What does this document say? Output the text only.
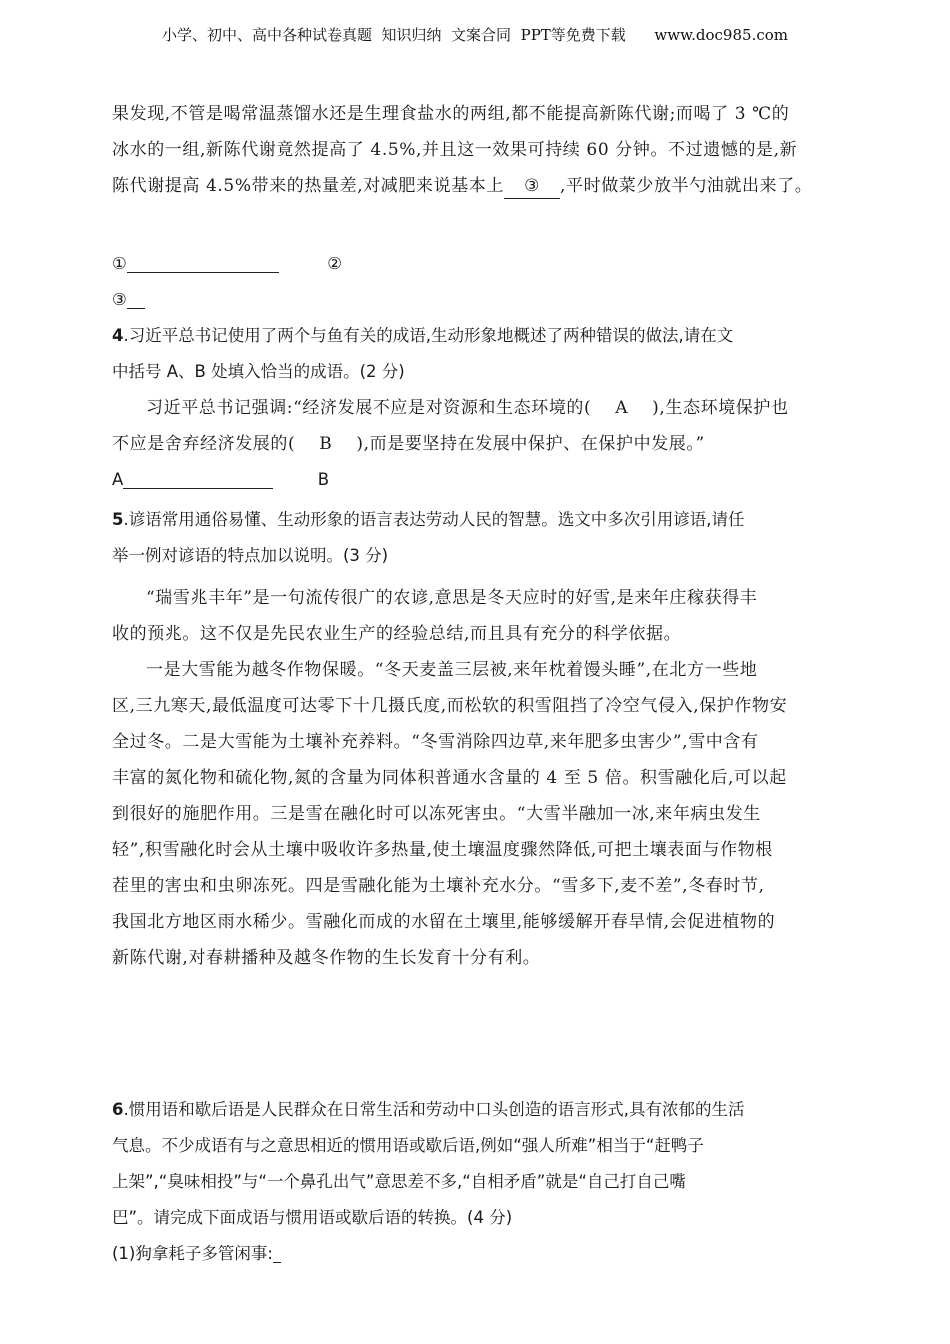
小学、初中、高中各种试卷真题  知识归纳  文案合同  PPT等免费下载      www.doc985.com
果发现,不管是喝常温蒸馏水还是生理食盐水的两组,都不能提高新陈代谢;而喝了 3 ℃的
冰水的一组,新陈代谢竟然提高了 4.5%,并且这一效果可持续 60 分钟。不过遗憾的是,新
陈代谢提高 4.5%带来的热量差,对减肥来说基本上 ③ ,平时做菜少放半勺油就出来了。
①	②
③
4.习近平总书记使用了两个与鱼有关的成语,生动形象地概述了两种错误的做法,请在文
中括号 A、B 处填入恰当的成语。(2 分)
习近平总书记强调:“经济发展不应是对资源和生态环境的(    A    ),生态环境保护也
不应是舍弃经济发展的(    B    ),而是要坚持在发展中保护、在保护中发展。”
A	B
5.谚语常用通俗易懂、生动形象的语言表达劳动人民的智慧。选文中多次引用谚语,请任
举一例对谚语的特点加以说明。(3 分)
“瑞雪兆丰年”是一句流传很广的农谚,意思是冬天应时的好雪,是来年庄稼获得丰
收的预兆。这不仅是先民农业生产的经验总结,而且具有充分的科学依据。
一是大雪能为越冬作物保暖。“冬天麦盖三层被,来年枕着馒头睡”,在北方一些地
区,三九寒天,最低温度可达零下十几摄氏度,而松软的积雪阻挡了冷空气侵入,保护作物安
全过冬。二是大雪能为土壤补充养料。“冬雪消除四边草,来年肥多虫害少”,雪中含有
丰富的氮化物和硫化物,氮的含量为同体积普通水含量的 4 至 5 倍。积雪融化后,可以起
到很好的施肥作用。三是雪在融化时可以冻死害虫。“大雪半融加一冰,来年病虫发生
轻”,积雪融化时会从土壤中吸收许多热量,使土壤温度骤然降低,可把土壤表面与作物根
茬里的害虫和虫卵冻死。四是雪融化能为土壤补充水分。“雪多下,麦不差”,冬春时节,
我国北方地区雨水稀少。雪融化而成的水留在土壤里,能够缓解开春旱情,会促进植物的
新陈代谢,对春耕播种及越冬作物的生长发育十分有利。
6.惯用语和歇后语是人民群众在日常生活和劳动中口头创造的语言形式,具有浓郁的生活
气息。不少成语有与之意思相近的惯用语或歇后语,例如“强人所难”相当于“赶鸭子
上架”,“臭味相投”与“一个鼻孔出气”意思差不多,“自相矛盾”就是“自己打自己嘴
巴”。请完成下面成语与惯用语或歇后语的转换。(4 分)
(1)狗拿耗子多管闲事:
